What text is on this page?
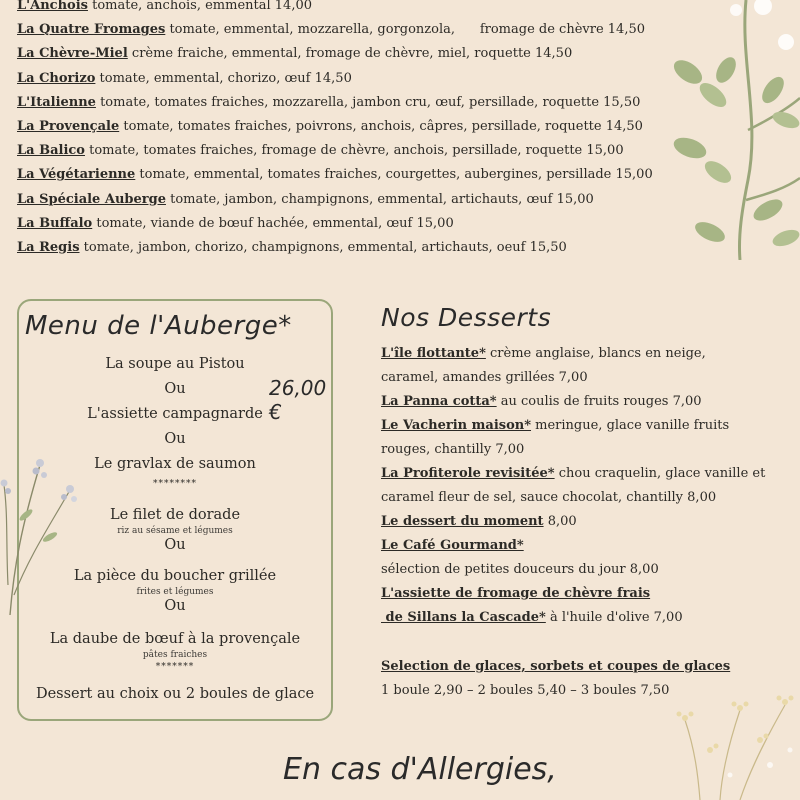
L'Anchois tomate, anchois, emmental 14,00
La Quatre Fromages tomate, emmental, mozzarella, gorgonzola,      fromage de chèvre 14,50
La Chèvre-Miel crème fraiche, emmental, fromage de chèvre, miel, roquette 14,50
La Chorizo tomate, emmental, chorizo, œuf 14,50
L'Italienne tomate, tomates fraiches, mozzarella, jambon cru, œuf, persillade, roquette 15,50
La Provençale tomate, tomates fraiches, poivrons, anchois, câpres, persillade, roquette 14,50
La Balico tomate, tomates fraiches, fromage de chèvre, anchois, persillade, roquette 15,00
La Végétarienne tomate, emmental, tomates fraiches, courgettes, aubergines, persillade 15,00
La Spéciale Auberge tomate, jambon, champignons, emmental, artichauts, œuf 15,00
La Buffalo tomate, viande de bœuf hachée, emmental, œuf 15,00
La Regis tomate, jambon, chorizo, champignons, emmental, artichauts, oeuf 15,50
Menu de l'Auberge*
26,00 €
La soupe au Pistou
Ou
L'assiette campagnarde
Ou
Le gravlax de saumon
********
Le filet de dorade
riz au sésame et légumes
Ou
La pièce du boucher grillée
frites et légumes
Ou
La daube de bœuf à la provençale
pâtes fraiches
*******
Dessert au choix ou 2 boules de glace
Nos Desserts
L'île flottante* crème anglaise, blancs en neige,
caramel, amandes grillées 7,00
La Panna cotta* au coulis de fruits rouges 7,00
Le Vacherin maison* meringue, glace vanille fruits
rouges, chantilly 7,00
La Profiterole revisitée* chou craquelin, glace vanille et
caramel fleur de sel, sauce chocolat, chantilly 8,00
Le dessert du moment 8,00
Le Café Gourmand*
sélection de petites douceurs du jour 8,00
L'assiette de fromage de chèvre frais
de Sillans la Cascade* à l'huile d'olive 7,00
Selection de glaces, sorbets et coupes de glaces
1 boule 2,90 – 2 boules 5,40 – 3 boules 7,50
En cas d'Allergies,
